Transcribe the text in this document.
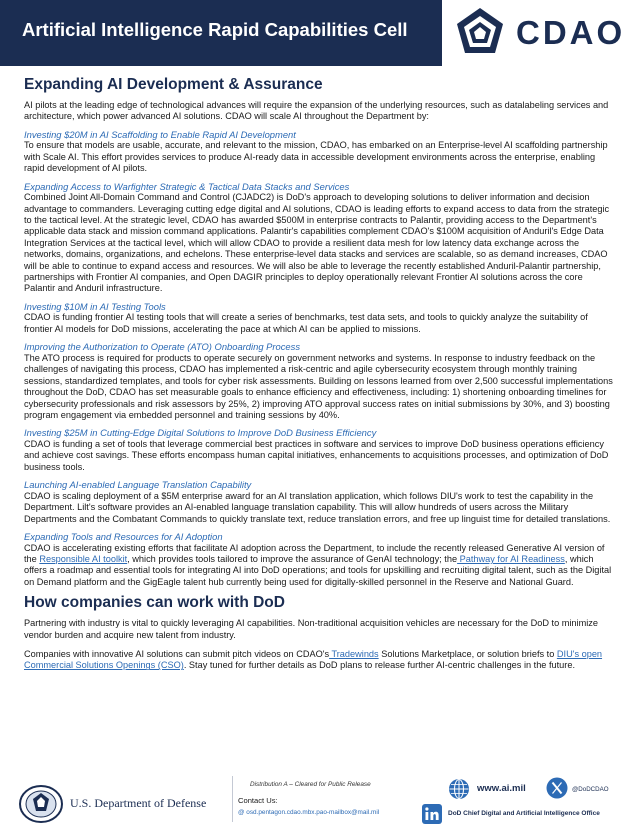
Artificial Intelligence Rapid Capabilities Cell	CDAO
Expanding AI Development & Assurance
AI pilots at the leading edge of technological advances will require the expansion of the underlying resources, such as datalabeling services and architecture, which power advanced AI solutions. CDAO will scale AI throughout the Department by:
Investing $20M in AI Scaffolding to Enable Rapid AI Development
To ensure that models are usable, accurate, and relevant to the mission, CDAO, has embarked on an Enterprise-level AI scaffolding partnership with Scale AI. This effort provides services to produce AI-ready data in accessible development environments across the enterprise, enabling rapid development of AI pilots.
Expanding Access to Warfighter Strategic & Tactical Data Stacks and Services
Combined Joint All-Domain Command and Control (CJADC2) is DoD's approach to developing solutions to deliver information and decision advantage to commanders. Leveraging cutting edge digital and AI solutions, CDAO is leading efforts to expand access to data from the strategic to the tactical level. At the strategic level, CDAO has awarded $500M in enterprise contracts to Palantir, providing access to the Department's applicable data stack and mission command applications. Palantir's capabilities complement CDAO's $100M acquisition of Anduril's Edge Data Integration Services at the tactical level, which will allow CDAO to provide a resilient data mesh for low latency data exchange across the networks, domains, organizations, and echelons. These enterprise-level data stacks and services are scalable, so as demand increases, CDAO will be able to continue to expand access and resources. We will also be able to leverage the recently established Anduril-Palantir partnership, partnerships with Frontier AI companies, and Open DAGIR principles to deploy operationally relevant Frontier AI solutions across the core Palantir and Anduril infrastructure.
Investing $10M in AI Testing Tools
CDAO is funding frontier AI testing tools that will create a series of benchmarks, test data sets, and tools to quickly analyze the suitability of frontier AI models for DoD missions, accelerating the pace at which AI can be applied to missions.
Improving the Authorization to Operate (ATO) Onboarding Process
The ATO process is required for products to operate securely on government networks and systems. In response to industry feedback on the challenges of navigating this process, CDAO has implemented a risk-centric and agile cybersecurity ecosystem through monthly training sessions, standardized templates, and tools for cyber risk assessments. Building on lessons learned from over 2,500 successful implementations throughout the DoD, CDAO has set measurable goals to enhance efficiency and effectiveness, including: 1) shortening onboarding timelines for cybersecurity professionals and risk assessors by 25%, 2) improving ATO approval success rates on initial submissions by 30%, and 3) boosting program engagement via embedded personnel and training sessions by 40%.
Investing $25M in Cutting-Edge Digital Solutions to Improve DoD Business Efficiency
CDAO is funding a set of tools that leverage commercial best practices in software and services to improve DoD business operations efficiency and achieve cost savings. These efforts encompass human capital initiatives, enhancements to acquisitions processes, and optimization of DoD business tools.
Launching AI-enabled Language Translation Capability
CDAO is scaling deployment of a $5M enterprise award for an AI translation application, which follows DIU's work to test the capability in the Department. Lilt's software provides an AI-enabled language translation capability. This will allow hundreds of users across the Military Departments and the Combatant Commands to quickly translate text, reduce translation errors, and free up linguist time for detailed translations.
Expanding Tools and Resources for AI Adoption
CDAO is accelerating existing efforts that facilitate AI adoption across the Department, to include the recently released Generative AI version of the Responsible AI toolkit, which provides tools tailored to improve the assurance of GenAI technology; the Pathway for AI Readiness, which offers a roadmap and essential tools for integrating AI into DoD operations; and tools for upskilling and recruiting digital talent, such as the Digital on Demand platform and the GigEagle talent hub currently being used for digitally-skilled personnel in the Reserve and National Guard.
How companies can work with DoD
Partnering with industry is vital to quickly leveraging AI capabilities. Non-traditional acquisition vehicles are necessary for the DoD to minimize vendor burden and acquire new talent from industry.
Companies with innovative AI solutions can submit pitch videos on CDAO's Tradewinds Solutions Marketplace, or solution briefs to DIU's open Commercial Solutions Openings (CSO). Stay tuned for further details as DoD plans to release further AI-centric challenges in the future.
U.S. Department of Defense
Distribution A – Cleared for Public Release
Contact Us:
@ osd.pentagon.cdao.mbx.pao-mailbox@mail.mil
www.ai.mil	@DoDCDAO
DoD Chief Digital and Artificial Intelligence Office
